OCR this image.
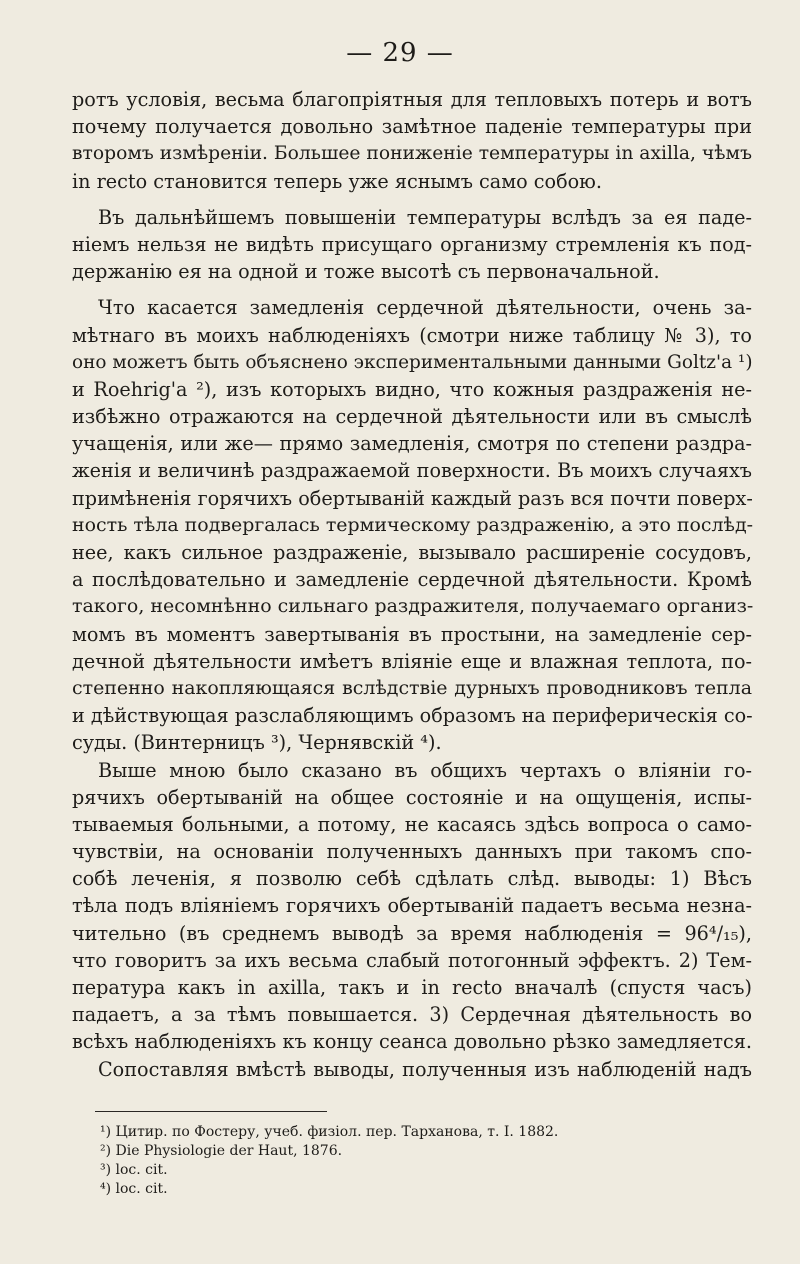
— 29 —
ротъ условія, весьма благопріятныя для тепловыхъ потерь и вотъ
почему получается довольно замѣтное паденіе температуры при
второмъ измѣреніи. Большее пониженіе температуры in axilla, чѣмъ
in recto становится теперь уже яснымъ само собою.
Въ дальнѣйшемъ повышеніи температуры вслѣдъ за ея паде-
ніемъ нельзя не видѣть присущаго организму стремленія къ под-
держанію ея на одной и тоже высотѣ съ первоначальной.
Что касается замедленія сердечной дѣятельности, очень за-
мѣтнаго въ моихъ наблюденіяхъ (смотри ниже таблицу № 3), то
оно можетъ быть объяснено экспериментальными данными Goltz'а ¹)
и Roehrig'а ²), изъ которыхъ видно, что кожныя раздраженія не-
избѣжно отражаются на сердечной дѣятельности или въ смыслѣ
учащенія, или же— прямо замедленія, смотря по степени раздра-
женія и величинѣ раздражаемой поверхности. Въ моихъ случаяхъ
примѣненія горячихъ обертываній каждый разъ вся почти поверх-
ность тѣла подвергалась термическому раздраженію, а это послѣд-
нее, какъ сильное раздраженіе, вызывало расширеніе сосудовъ,
а послѣдовательно и замедленіе сердечной дѣятельности. Кромѣ
такого, несомнѣнно сильнаго раздражителя, получаемаго организ-
момъ въ моментъ завертыванія въ простыни, на замедленіе сер-
дечной дѣятельности имѣетъ вліяніе еще и влажная теплота, по-
степенно накопляющаяся вслѣдствіе дурныхъ проводниковъ тепла
и дѣйствующая разслабляющимъ образомъ на периферическія со-
суды. (Винтерницъ ³), Чернявскій ⁴).
Выше мною было сказано въ общихъ чертахъ о вліяніи го-
рячихъ обертываній на общее состояніе и на ощущенія, испы-
тываемыя больными, а потому, не касаясь здѣсь вопроса о само-
чувствіи, на основаніи полученныхъ данныхъ при такомъ спо-
собѣ леченія, я позволю себѣ сдѣлать слѣд. выводы: 1) Вѣсъ
тѣла подъ вліяніемъ горячихъ обертываній падаетъ весьма незна-
чительно (въ среднемъ выводѣ за время наблюденія = 96⁴/₁₅),
что говоритъ за ихъ весьма слабый потогонный эффектъ. 2) Тем-
пература какъ in axilla, такъ и in recto вначалѣ (спустя часъ)
падаетъ, а за тѣмъ повышается. 3) Сердечная дѣятельность во
всѣхъ наблюденіяхъ къ концу сеанса довольно рѣзко замедляется.
Сопоставляя вмѣстѣ выводы, полученныя изъ наблюденій надъ
¹) Цитир. по Фостеру, учеб. физіол. пер. Тарханова, т. I. 1882.
²) Die Physiologie der Haut, 1876.
³) loc. cit.
⁴) loc. cit.
